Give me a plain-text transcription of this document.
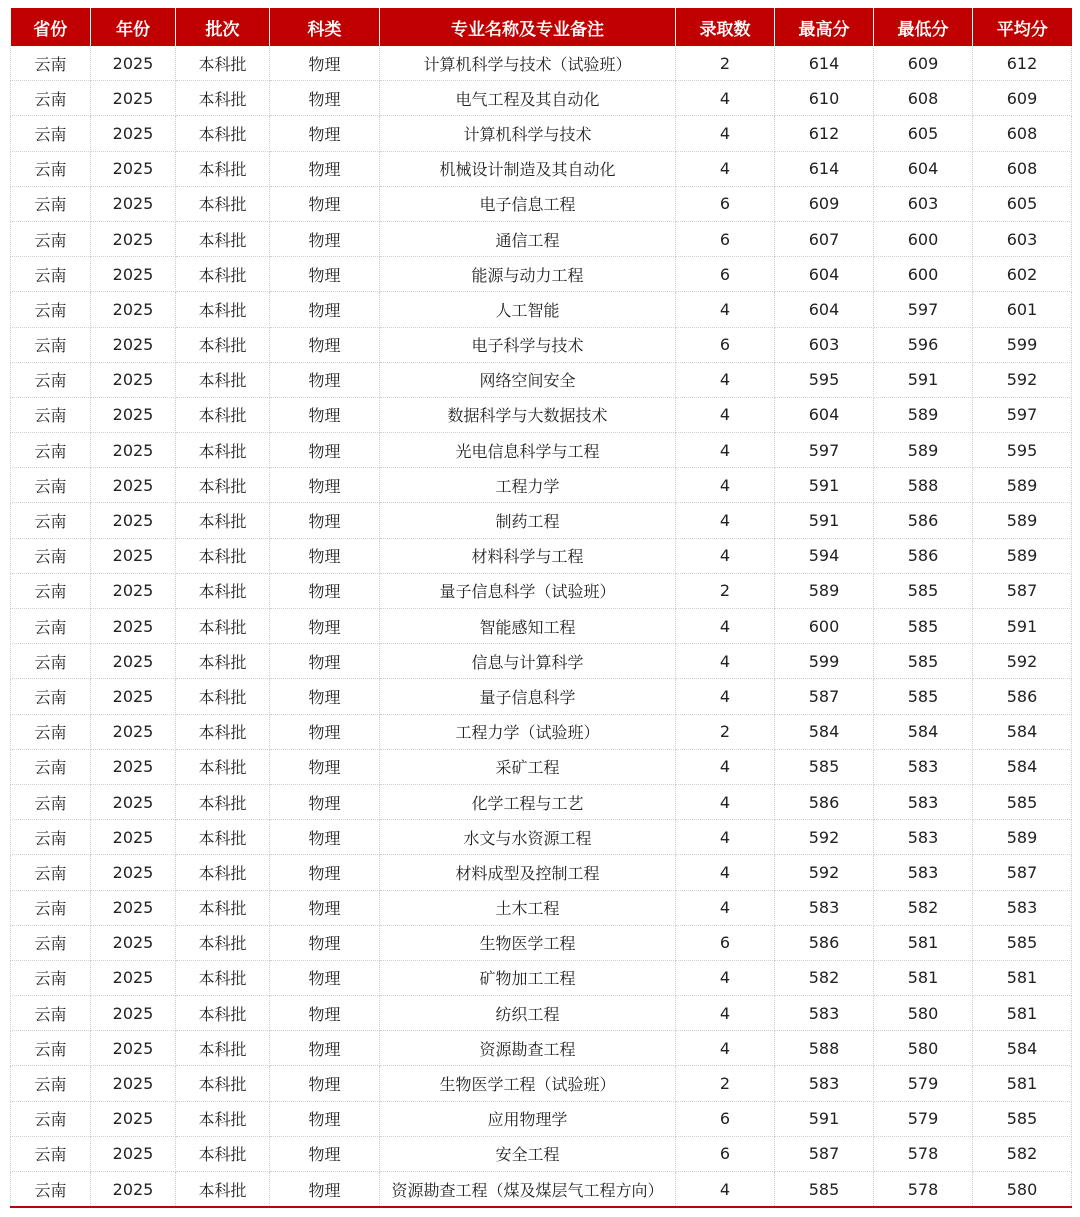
省份	年份	批次	科类	专业名称及专业备注	录取数	最高分	最低分	平均分
云南	2025	本科批	物理	计算机科学与技术（试验班）	2	614	609	612
云南	2025	本科批	物理	电气工程及其自动化	4	610	608	609
云南	2025	本科批	物理	计算机科学与技术	4	612	605	608
云南	2025	本科批	物理	机械设计制造及其自动化	4	614	604	608
云南	2025	本科批	物理	电子信息工程	6	609	603	605
云南	2025	本科批	物理	通信工程	6	607	600	603
云南	2025	本科批	物理	能源与动力工程	6	604	600	602
云南	2025	本科批	物理	人工智能	4	604	597	601
云南	2025	本科批	物理	电子科学与技术	6	603	596	599
云南	2025	本科批	物理	网络空间安全	4	595	591	592
云南	2025	本科批	物理	数据科学与大数据技术	4	604	589	597
云南	2025	本科批	物理	光电信息科学与工程	4	597	589	595
云南	2025	本科批	物理	工程力学	4	591	588	589
云南	2025	本科批	物理	制药工程	4	591	586	589
云南	2025	本科批	物理	材料科学与工程	4	594	586	589
云南	2025	本科批	物理	量子信息科学（试验班）	2	589	585	587
云南	2025	本科批	物理	智能感知工程	4	600	585	591
云南	2025	本科批	物理	信息与计算科学	4	599	585	592
云南	2025	本科批	物理	量子信息科学	4	587	585	586
云南	2025	本科批	物理	工程力学（试验班）	2	584	584	584
云南	2025	本科批	物理	采矿工程	4	585	583	584
云南	2025	本科批	物理	化学工程与工艺	4	586	583	585
云南	2025	本科批	物理	水文与水资源工程	4	592	583	589
云南	2025	本科批	物理	材料成型及控制工程	4	592	583	587
云南	2025	本科批	物理	土木工程	4	583	582	583
云南	2025	本科批	物理	生物医学工程	6	586	581	585
云南	2025	本科批	物理	矿物加工工程	4	582	581	581
云南	2025	本科批	物理	纺织工程	4	583	580	581
云南	2025	本科批	物理	资源勘查工程	4	588	580	584
云南	2025	本科批	物理	生物医学工程（试验班）	2	583	579	581
云南	2025	本科批	物理	应用物理学	6	591	579	585
云南	2025	本科批	物理	安全工程	6	587	578	582
云南	2025	本科批	物理	资源勘查工程（煤及煤层气工程方向）	4	585	578	580
